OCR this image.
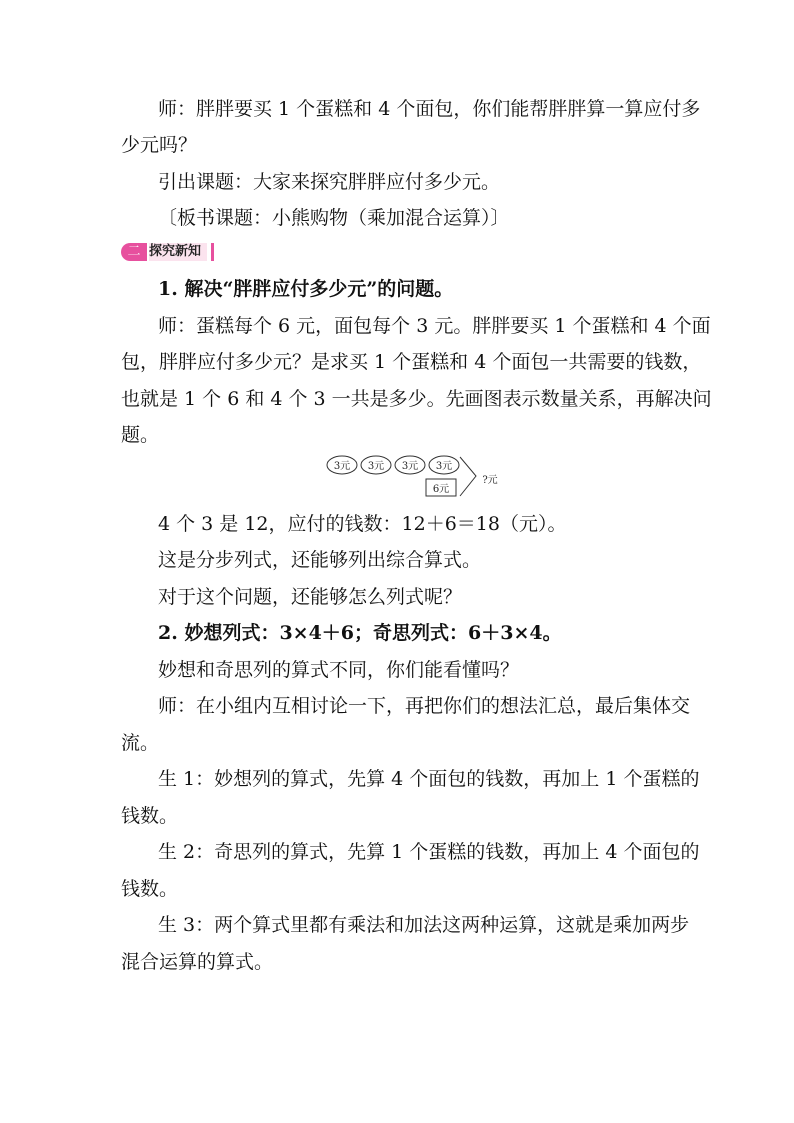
师：胖胖要买 1 个蛋糕和 4 个面包，你们能帮胖胖算一算应付多
少元吗？
引出课题：大家来探究胖胖应付多少元。
〔板书课题：小熊购物（乘加混合运算）〕
二 探究新知
1. 解决“胖胖应付多少元”的问题。
师：蛋糕每个 6 元，面包每个 3 元。胖胖要买 1 个蛋糕和 4 个面
包，胖胖应付多少元？是求买 1 个蛋糕和 4 个面包一共需要的钱数，
也就是 1 个 6 和 4 个 3 一共是多少。先画图表示数量关系，再解决问
题。
3元 3元 3元 3元
6元
?元
4 个 3 是 12，应付的钱数：12＋6＝18（元）。
这是分步列式，还能够列出综合算式。
对于这个问题，还能够怎么列式呢？
2. 妙想列式：3×4＋6；奇思列式：6＋3×4。
妙想和奇思列的算式不同，你们能看懂吗？
师：在小组内互相讨论一下，再把你们的想法汇总，最后集体交
流。
生 1：妙想列的算式，先算 4 个面包的钱数，再加上 1 个蛋糕的
钱数。
生 2：奇思列的算式，先算 1 个蛋糕的钱数，再加上 4 个面包的
钱数。
生 3：两个算式里都有乘法和加法这两种运算，这就是乘加两步
混合运算的算式。
